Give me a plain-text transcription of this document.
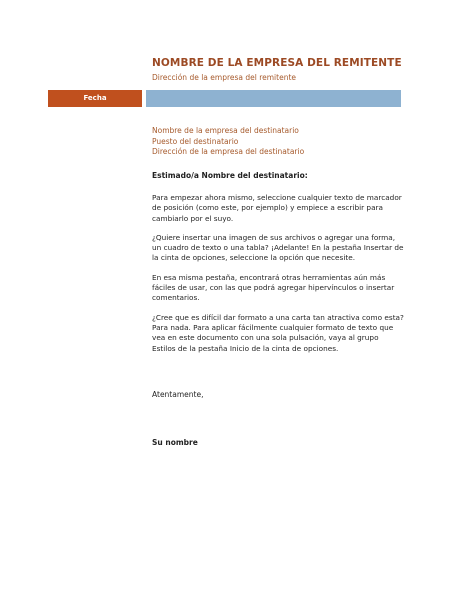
NOMBRE DE LA EMPRESA DEL REMITENTE
Dirección de la empresa del remitente
Fecha
Nombre de la empresa del destinatario
Puesto del destinatario
Dirección de la empresa del destinatario
Estimado/a Nombre del destinatario:

Para empezar ahora mismo, seleccione cualquier texto de marcador de posición (como este, por ejemplo) y empiece a escribir para cambiarlo por el suyo.

¿Quiere insertar una imagen de sus archivos o agregar una forma, un cuadro de texto o una tabla? ¡Adelante! En la pestaña Insertar de la cinta de opciones, seleccione la opción que necesite.

En esa misma pestaña, encontrará otras herramientas aún más fáciles de usar, con las que podrá agregar hipervínculos o insertar comentarios.

¿Cree que es difícil dar formato a una carta tan atractiva como esta? Para nada. Para aplicar fácilmente cualquier formato de texto que vea en este documento con una sola pulsación, vaya al grupo Estilos de la pestaña Inicio de la cinta de opciones.

Atentamente,
Su nombre
